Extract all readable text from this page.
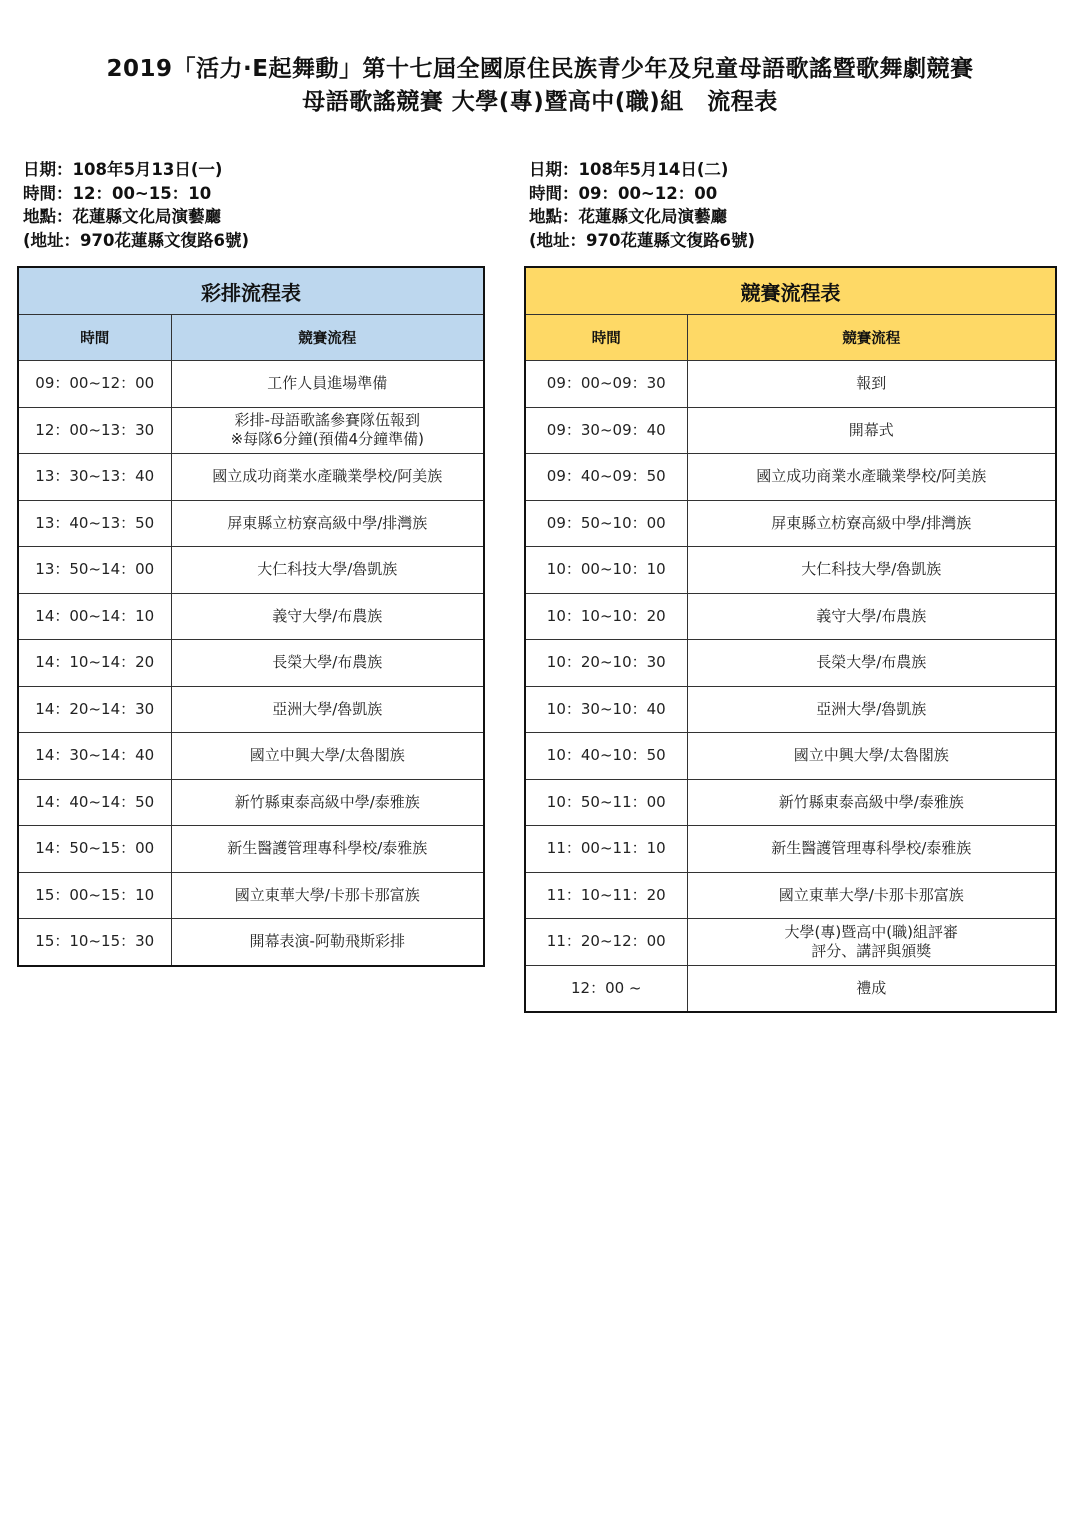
2019「活力·E起舞動」第十七屆全國原住民族青少年及兒童母語歌謠暨歌舞劇競賽
母語歌謠競賽 大學(專)暨高中(職)組　流程表
日期：108年5月13日(一)
時間：12：00~15：10
地點：花蓮縣文化局演藝廳
(地址：970花蓮縣文復路6號)
日期：108年5月14日(二)
時間：09：00~12：00
地點：花蓮縣文化局演藝廳
(地址：970花蓮縣文復路6號)
彩排流程表	
時間	競賽流程
09：00~12：00	工作人員進場準備

12：00~13：30	彩排-母語歌謠參賽隊伍報到
※每隊6分鐘(預備4分鐘準備)

13：30~13：40	國立成功商業水產職業學校/阿美族

13：40~13：50	屏東縣立枋寮高級中學/排灣族

13：50~14：00	大仁科技大學/魯凱族

14：00~14：10	義守大學/布農族

14：10~14：20	長榮大學/布農族

14：20~14：30	亞洲大學/魯凱族

14：30~14：40	國立中興大學/太魯閣族

14：40~14：50	新竹縣東泰高級中學/泰雅族

14：50~15：00	新生醫護管理專科學校/泰雅族

15：00~15：10	國立東華大學/卡那卡那富族

15：10~15：30	開幕表演-阿勒飛斯彩排
競賽流程表	
時間	競賽流程
09：00~09：30	報到

09：30~09：40	開幕式

09：40~09：50	國立成功商業水產職業學校/阿美族

09：50~10：00	屏東縣立枋寮高級中學/排灣族

10：00~10：10	大仁科技大學/魯凱族

10：10~10：20	義守大學/布農族

10：20~10：30	長榮大學/布農族

10：30~10：40	亞洲大學/魯凱族

10：40~10：50	國立中興大學/太魯閣族

10：50~11：00	新竹縣東泰高級中學/泰雅族

11：00~11：10	新生醫護管理專科學校/泰雅族

11：10~11：20	國立東華大學/卡那卡那富族

11：20~12：00	大學(專)暨高中(職)組評審
評分、講評與頒獎

12：00 ~	禮成
